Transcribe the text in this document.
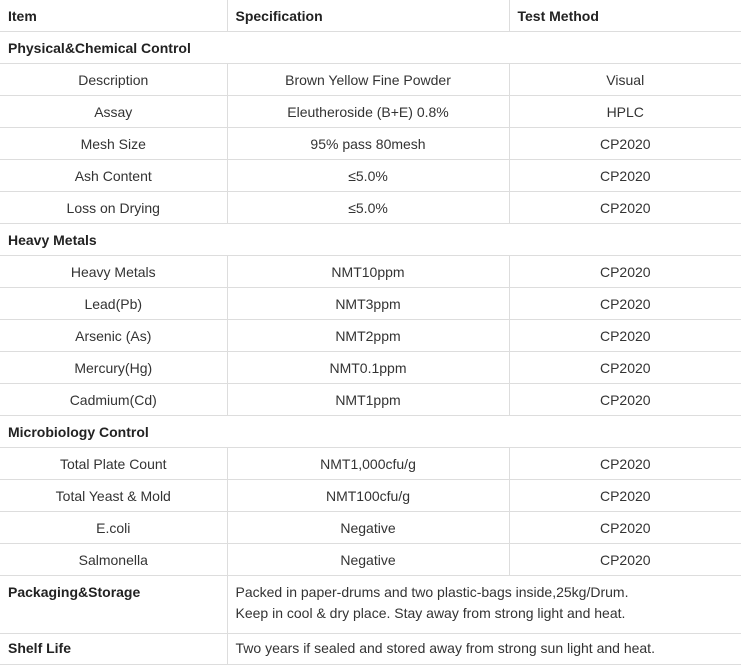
Item	Specification	Test Method
Physical&Chemical Control		
Description	Brown Yellow Fine Powder	Visual
Assay	Eleutheroside (B+E) 0.8%	HPLC
Mesh Size	95% pass 80mesh	CP2020
Ash Content	≤5.0%	CP2020
Loss on Drying	≤5.0%	CP2020
Heavy Metals		
Heavy Metals	NMT10ppm	CP2020
Lead(Pb)	NMT3ppm	CP2020
Arsenic (As)	NMT2ppm	CP2020
Mercury(Hg)	NMT0.1ppm	CP2020
Cadmium(Cd)	NMT1ppm	CP2020
Microbiology Control		
Total Plate Count	NMT1,000cfu/g	CP2020
Total Yeast & Mold	NMT100cfu/g	CP2020
E.coli	Negative	CP2020
Salmonella	Negative	CP2020
Packaging&Storage	Packed in paper-drums and two plastic-bags inside,25kg/Drum.
Keep in cool & dry place. Stay away from strong light and heat.	
Shelf Life	Two years if sealed and stored away from strong sun light and heat.	
